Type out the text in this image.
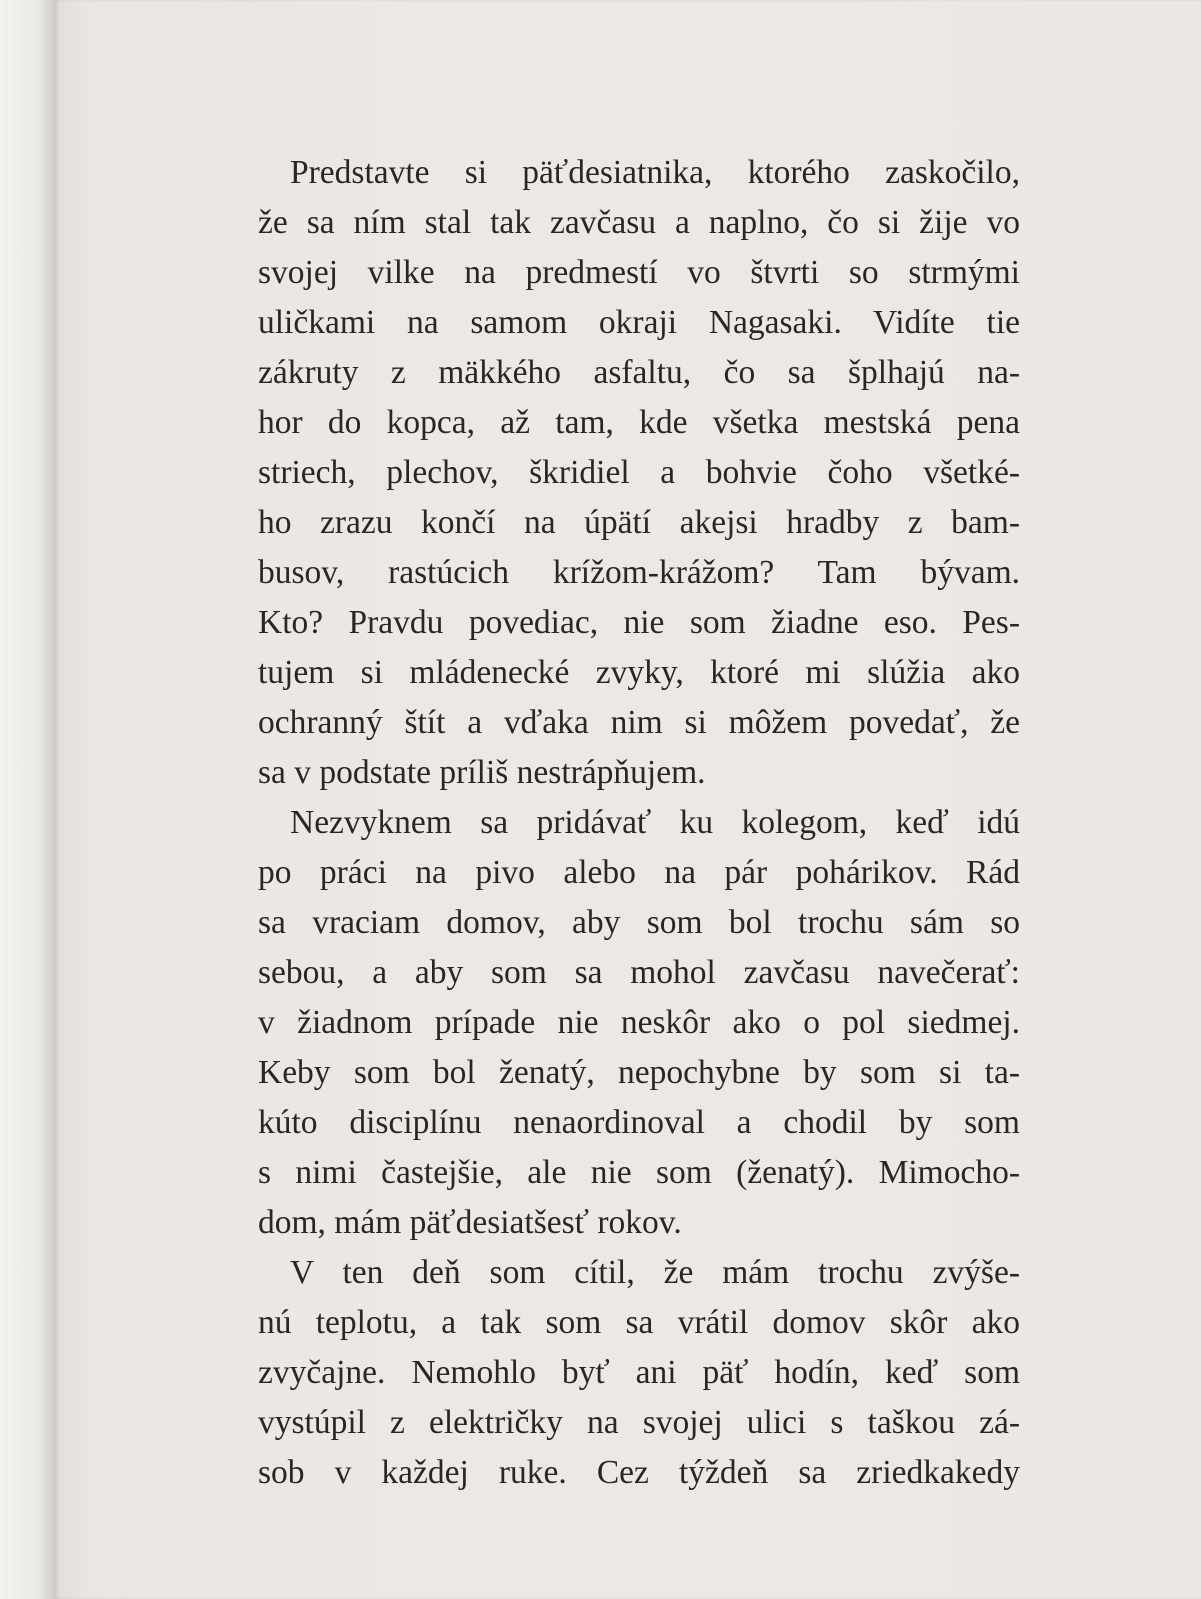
Predstavte si päťdesiatnika, ktorého zaskočilo,
že sa ním stal tak zavčasu a naplno, čo si žije vo
svojej vilke na predmestí vo štvrti so strmými
uličkami na samom okraji Nagasaki. Vidíte tie
zákruty z mäkkého asfaltu, čo sa šplhajú na-
hor do kopca, až tam, kde všetka mestská pena
striech, plechov, škridiel a bohvie čoho všetké-
ho zrazu končí na úpätí akejsi hradby z bam-
busov, rastúcich krížom-krážom? Tam bývam.
Kto? Pravdu povediac, nie som žiadne eso. Pes-
tujem si mládenecké zvyky, ktoré mi slúžia ako
ochranný štít a vďaka nim si môžem povedať, že
sa v podstate príliš nestrápňujem.
Nezvyknem sa pridávať ku kolegom, keď idú
po práci na pivo alebo na pár pohárikov. Rád
sa vraciam domov, aby som bol trochu sám so
sebou, a aby som sa mohol zavčasu navečerať:
v žiadnom prípade nie neskôr ako o pol siedmej.
Keby som bol ženatý, nepochybne by som si ta-
kúto disciplínu nenaordinoval a chodil by som
s nimi častejšie, ale nie som (ženatý). Mimocho-
dom, mám päťdesiatšesť rokov.
V ten deň som cítil, že mám trochu zvýše-
nú teplotu, a tak som sa vrátil domov skôr ako
zvyčajne. Nemohlo byť ani päť hodín, keď som
vystúpil z električky na svojej ulici s taškou zá-
sob v každej ruke. Cez týždeň sa zriedkakedy
